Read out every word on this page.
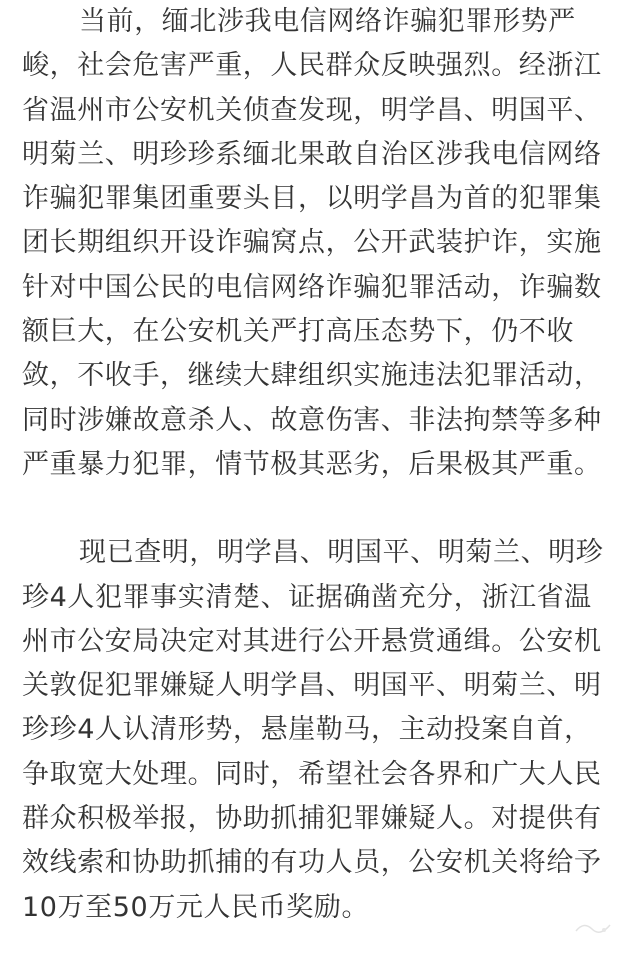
当前，缅北涉我电信网络诈骗犯罪形势严
峻，社会危害严重，人民群众反映强烈。经浙江
省温州市公安机关侦查发现，明学昌、明国平、
明菊兰、明珍珍系缅北果敢自治区涉我电信网络
诈骗犯罪集团重要头目，以明学昌为首的犯罪集
团长期组织开设诈骗窝点，公开武装护诈，实施
针对中国公民的电信网络诈骗犯罪活动，诈骗数
额巨大，在公安机关严打高压态势下，仍不收
敛，不收手，继续大肆组织实施违法犯罪活动，
同时涉嫌故意杀人、故意伤害、非法拘禁等多种
严重暴力犯罪，情节极其恶劣，后果极其严重。
现已查明，明学昌、明国平、明菊兰、明珍
珍4人犯罪事实清楚、证据确凿充分，浙江省温
州市公安局决定对其进行公开悬赏通缉。公安机
关敦促犯罪嫌疑人明学昌、明国平、明菊兰、明
珍珍4人认清形势，悬崖勒马，主动投案自首，
争取宽大处理。同时，希望社会各界和广大人民
群众积极举报，协助抓捕犯罪嫌疑人。对提供有
效线索和协助抓捕的有功人员，公安机关将给予
10万至50万元人民币奖励。
